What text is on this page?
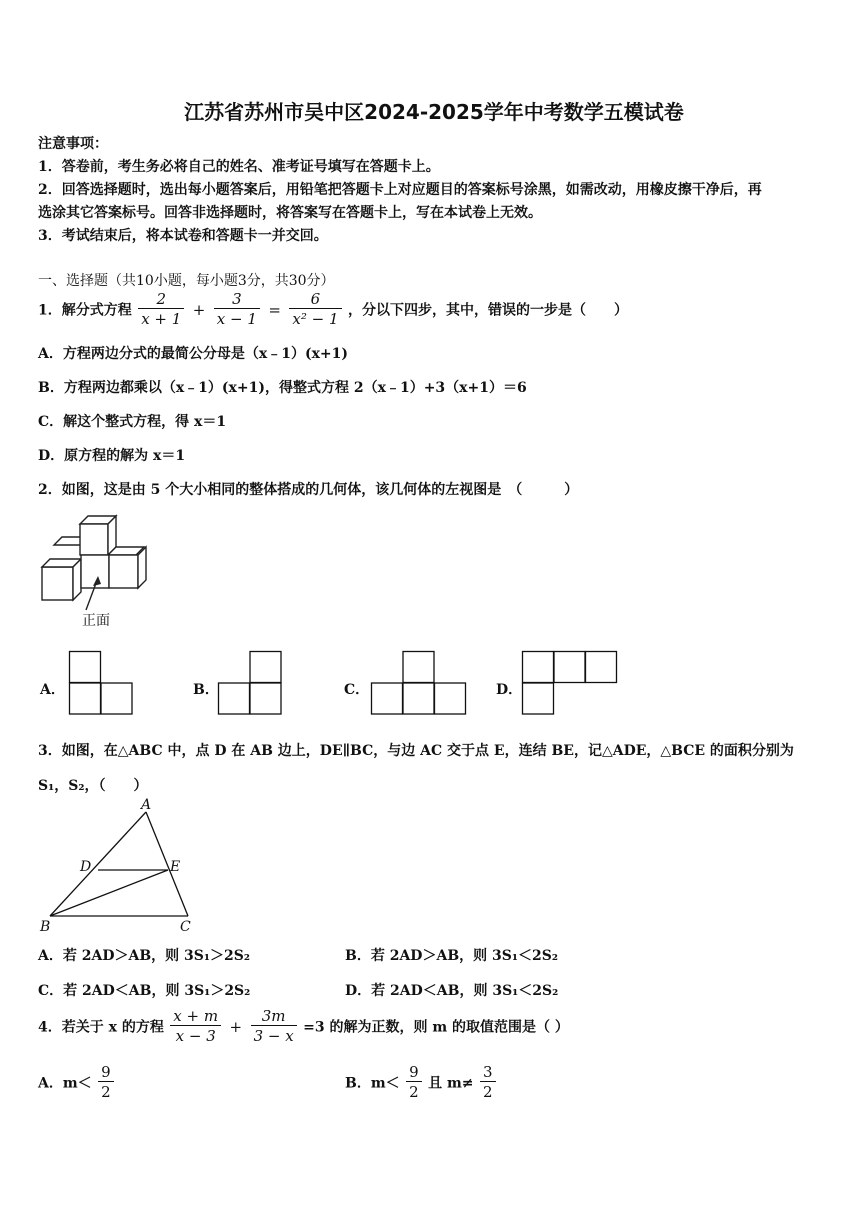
江苏省苏州市吴中区2024-2025学年中考数学五模试卷
注意事项：
1．答卷前，考生务必将自己的姓名、准考证号填写在答题卡上。
2．回答选择题时，选出每小题答案后，用铅笔把答题卡上对应题目的答案标号涂黑，如需改动，用橡皮擦干净后，再
选涂其它答案标号。回答非选择题时，将答案写在答题卡上，写在本试卷上无效。
3．考试结束后，将本试卷和答题卡一并交回。
一、选择题（共10小题，每小题3分，共30分）
1．解分式方程 $\frac{2}{x + 1} + \frac{3}{x - 1} = \frac{6}{\text{x² − 1}}$ ，分以下四步，其中，错误的一步是（　　）
A．方程两边分式的最简公分母是（x﹣1）(x+1)
B．方程两边都乘以（x﹣1）(x+1)，得整式方程 2（x﹣1）+3（x+1）＝6
C．解这个整式方程，得 x＝1
D．原方程的解为 x＝1
2．如图，这是由 5 个大小相同的整体搭成的几何体，该几何体的左视图是　（　　　）
正面
A．	B．	C．	D．
3．如图，在△ABC 中，点 D 在 AB 边上，DE∥BC，与边 AC 交于点 E，连结 BE，记△ADE，△BCE 的面积分别为
S₁，S₂，（　　）
A
D	E
B	C
A．若 2AD＞AB，则 3S₁＞2S₂	B．若 2AD＞AB，则 3S₁＜2S₂
C．若 2AD＜AB，则 3S₁＞2S₂	D．若 2AD＜AB，则 3S₁＜2S₂
4．若关于 x 的方程 $\frac{x + m}{x - 3} + \frac{3m}{3 - x} =3$ 的解为正数，则 m 的取值范围是（ ）
A．$m< \frac{9}{2}$	B．$m< \frac{9}{2}$ 且 $m\ne \frac{3}{2}$
